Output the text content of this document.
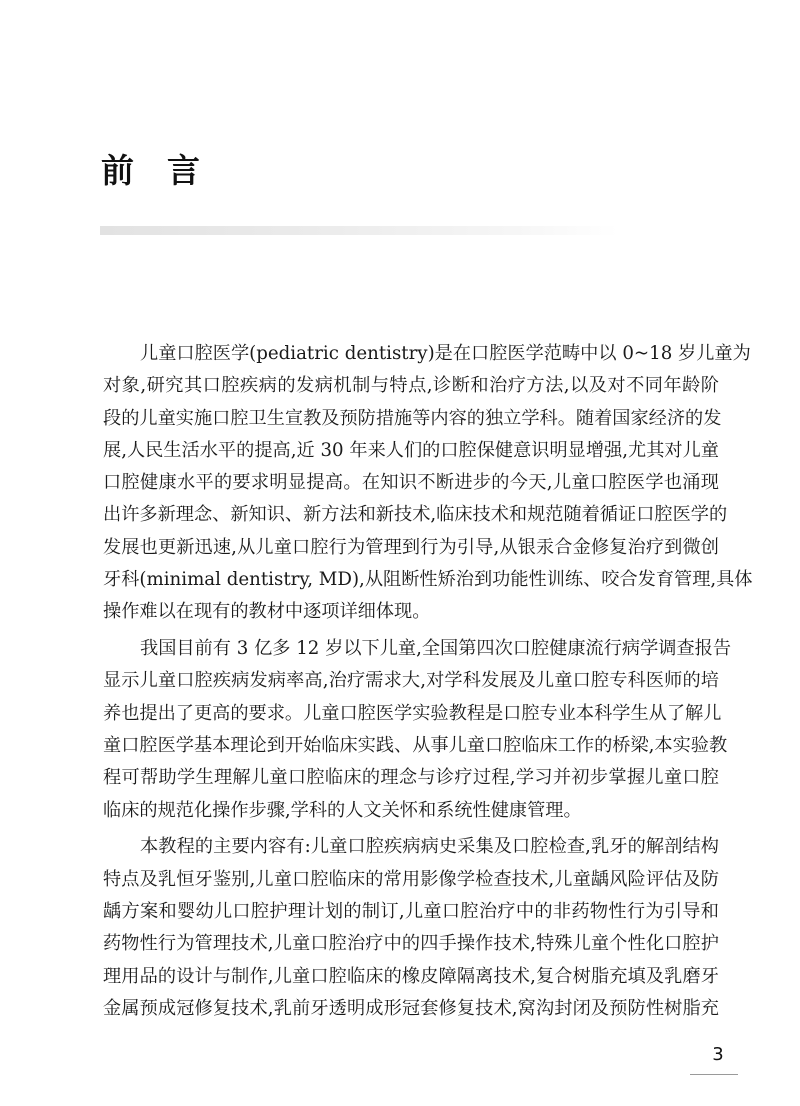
前　言

儿童口腔医学(pediatric dentistry)是在口腔医学范畴中以 0~18 岁儿童为
对象,研究其口腔疾病的发病机制与特点,诊断和治疗方法,以及对不同年龄阶
段的儿童实施口腔卫生宣教及预防措施等内容的独立学科。随着国家经济的发
展,人民生活水平的提高,近 30 年来人们的口腔保健意识明显增强,尤其对儿童
口腔健康水平的要求明显提高。在知识不断进步的今天,儿童口腔医学也涌现
出许多新理念、新知识、新方法和新技术,临床技术和规范随着循证口腔医学的
发展也更新迅速,从儿童口腔行为管理到行为引导,从银汞合金修复治疗到微创
牙科(minimal dentistry, MD),从阻断性矫治到功能性训练、咬合发育管理,具体
操作难以在现有的教材中逐项详细体现。

我国目前有 3 亿多 12 岁以下儿童,全国第四次口腔健康流行病学调查报告
显示儿童口腔疾病发病率高,治疗需求大,对学科发展及儿童口腔专科医师的培
养也提出了更高的要求。儿童口腔医学实验教程是口腔专业本科学生从了解儿
童口腔医学基本理论到开始临床实践、从事儿童口腔临床工作的桥梁,本实验教
程可帮助学生理解儿童口腔临床的理念与诊疗过程,学习并初步掌握儿童口腔
临床的规范化操作步骤,学科的人文关怀和系统性健康管理。

本教程的主要内容有:儿童口腔疾病病史采集及口腔检查,乳牙的解剖结构
特点及乳恒牙鉴别,儿童口腔临床的常用影像学检查技术,儿童龋风险评估及防
龋方案和婴幼儿口腔护理计划的制订,儿童口腔治疗中的非药物性行为引导和
药物性行为管理技术,儿童口腔治疗中的四手操作技术,特殊儿童个性化口腔护
理用品的设计与制作,儿童口腔临床的橡皮障隔离技术,复合树脂充填及乳磨牙
金属预成冠修复技术,乳前牙透明成形冠套修复技术,窝沟封闭及预防性树脂充

3
